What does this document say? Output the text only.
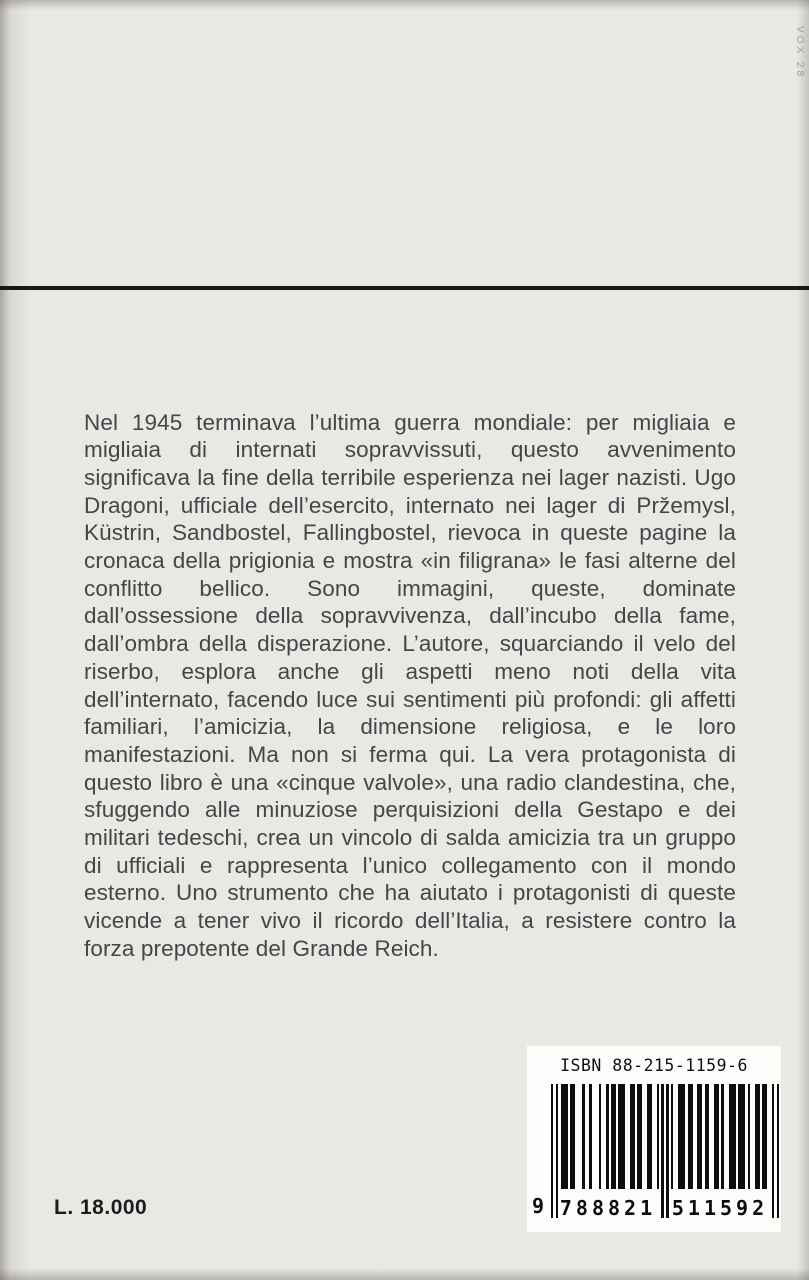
VOX 28

Nel 1945 terminava l’ultima guerra mondiale: per migliaia e migliaia di internati sopravvissuti, questo avvenimento significava la fine della terribile esperienza nei lager nazisti. Ugo Dragoni, ufficiale dell’esercito, internato nei lager di Pržemysl, Küstrin, Sandbostel, Fallingbostel, rievoca in queste pagine la cronaca della prigionia e mostra «in filigrana» le fasi alterne del conflitto bellico. Sono immagini, queste, dominate dall’ossessione della sopravvivenza, dall’incubo della fame, dall’ombra della disperazione. L’autore, squarciando il velo del riserbo, esplora anche gli aspetti meno noti della vita dell’internato, facendo luce sui sentimenti più profondi: gli affetti familiari, l’amicizia, la dimensione religiosa, e le loro manifestazioni. Ma non si ferma qui. La vera protagonista di questo libro è una «cinque valvole», una radio clandestina, che, sfuggendo alle minuziose perquisizioni della Gestapo e dei militari tedeschi, crea un vincolo di salda amicizia tra un gruppo di ufficiali e rappresenta l’unico collegamento con il mondo esterno. Uno strumento che ha aiutato i protagonisti di queste vicende a tener vivo il ricordo dell’Italia, a resistere contro la forza prepotente del Grande Reich.

L. 18.000
ISBN 88-215-1159-6
9 788821 511592
